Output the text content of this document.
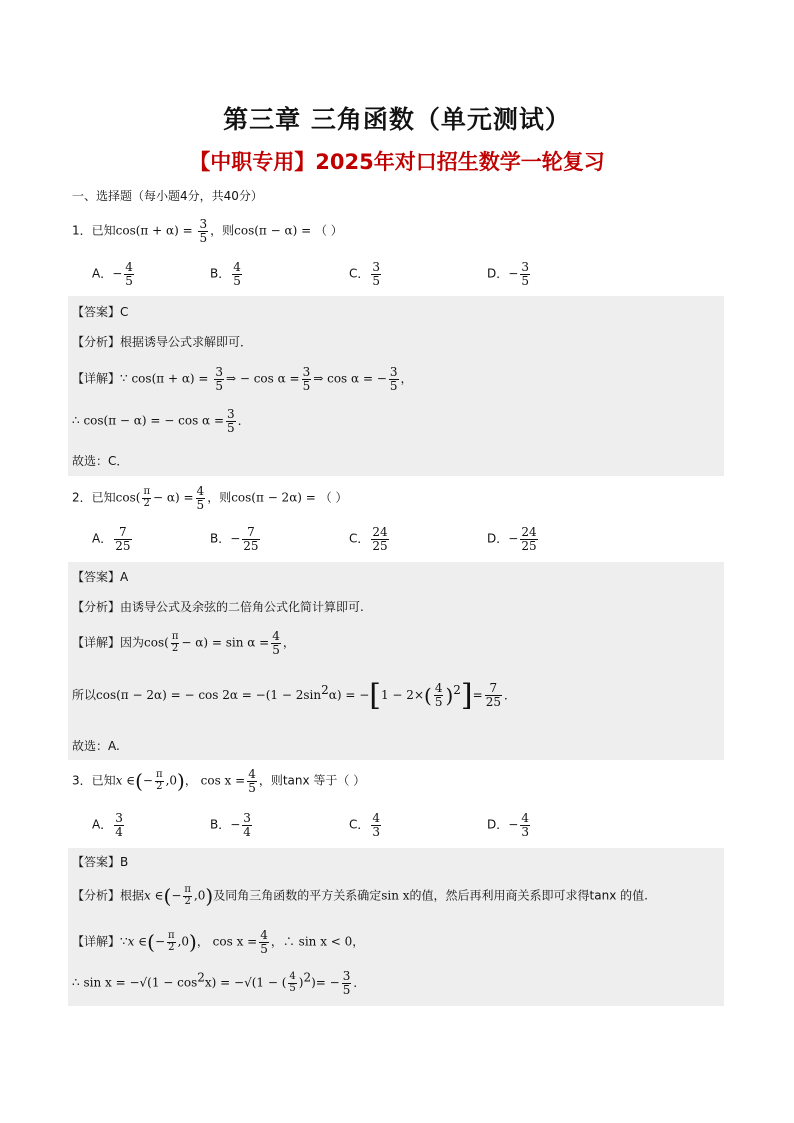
第三章 三角函数（单元测试）
【中职专用】2025年对口招生数学一轮复习
一、选择题（每小题4分，共40分）
1．已知$\cos(\pi + \alpha) = \frac{3}{5}$ ，则cos(π − α) = （ ）
A．− $\frac{4}{5}$	B． $\frac{4}{5}$	C． $\frac{3}{5}$	D．− $\frac{3}{5}$
【答案】C
【分析】根据诱导公式求解即可．
【详解】∵ $\cos(\pi + \alpha) = \frac{3}{5}$ ⇒ − $\cos \alpha = \frac{3}{5}$ ⇒ cos α = − $\frac{3}{5}$ ，
∴ cos(π − α) = − $\cos \alpha = \frac{3}{5}$ ．
故选：C．
2．已知$\cos( \frac{\pi}{2} - \alpha) = \frac{4}{5}$ ，则cos(π − 2α) = （ ）
A． $\frac{7}{25}$	B．− $\frac{7}{25}$	C． $\frac{24}{25}$	D．− $\frac{24}{25}$
【答案】A
【分析】由诱导公式及余弦的二倍角公式化简计算即可.
【详解】因为$\cos( \frac{\pi}{2} - \alpha) = \sin \alpha = \frac{4}{5}$ ，
所以cos(π − 2α) = − $\cos 2\alpha = -(1 - 2\sin^2\alpha) = -[1 - 2\times( \frac{4}{5} )^2]= \frac{7}{25}$ ．
故选：A.
3．已知x ∈(− $\frac{\pi}{2} ,0$)， $\cos x = \frac{4}{5}$ ，则tanx 等于（ ）
A． $\frac{3}{4}$	B．− $\frac{3}{4}$	C． $\frac{4}{3}$	D．− $\frac{4}{3}$
【答案】B
【分析】根据x ∈(− $\frac{\pi}{2} ,0$)及同角三角函数的平方关系确定sin x的值，然后再利用商关系即可求得tanx 的值.
【详解】∵x ∈(− $\frac{\pi}{2} ,0$)， $\cos x = \frac{4}{5}$ ，∴ sin x < 0，
∴ $\sin x = -√(1 - \cos^2x) = -√(1$ − ( $\frac{4}{5} )^2)= - \frac{3}{5}$ ．
